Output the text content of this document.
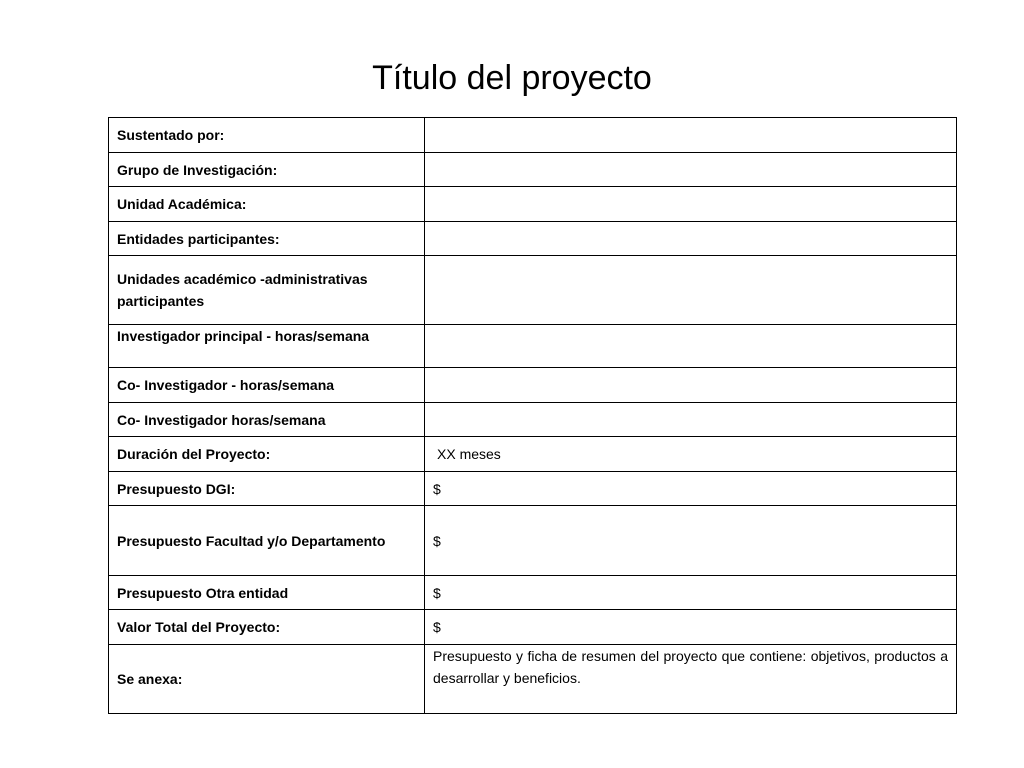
Título del proyecto
Sustentado por:	
Grupo de Investigación:	
Unidad Académica:	
Entidades participantes:	
Unidades académico -administrativas participantes	
Investigador principal - horas/semana	
Co- Investigador - horas/semana	
Co- Investigador horas/semana	
Duración del Proyecto:	XX meses
Presupuesto DGI:	$
Presupuesto Facultad y/o Departamento	$
Presupuesto Otra entidad	$
Valor Total del Proyecto:	$
Se anexa:	Presupuesto y ficha de resumen del proyecto que contiene: objetivos, productos a desarrollar y beneficios.
